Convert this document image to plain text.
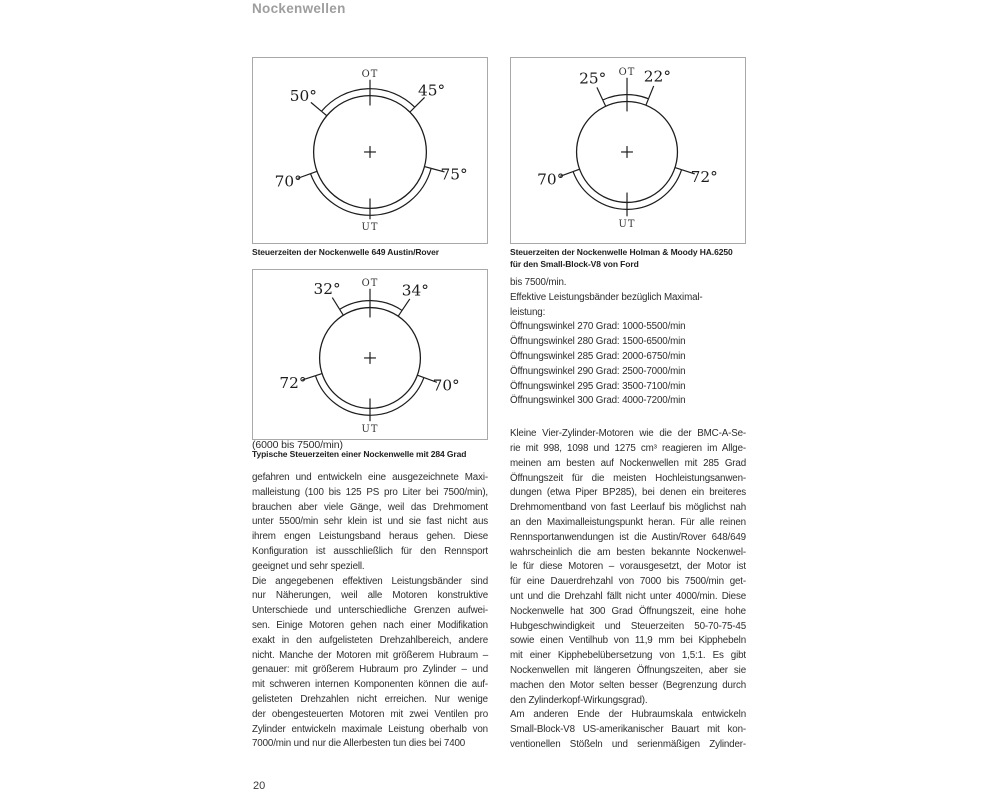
Nockenwellen
50°	45°
70°	75°
OT
UT
Steuerzeiten der Nockenwelle 649 Austin/Rover
25° 22°
70°	72°
OT
UT
Steuerzeiten der Nockenwelle Holman & Moody HA.6250
für den Small-Block-V8 von Ford
32°	34°
72°	70°
OT
UT
(6000 bis 7500/min)
Typische Steuerzeiten einer Nockenwelle mit 284 Grad
gefahren und entwickeln eine ausgezeichnete Maxi-
malleistung (100 bis 125 PS pro Liter bei 7500/min),
brauchen aber viele Gänge, weil das Drehmoment
unter 5500/min sehr klein ist und sie fast nicht aus
ihrem engen Leistungsband heraus gehen. Diese
Konfiguration ist ausschließlich für den Rennsport
geeignet und sehr speziell.
Die angegebenen effektiven Leistungsbänder sind
nur Näherungen, weil alle Motoren konstruktive
Unterschiede und unterschiedliche Grenzen aufwei-
sen. Einige Motoren gehen nach einer Modifikation
exakt in den aufgelisteten Drehzahlbereich, andere
nicht. Manche der Motoren mit größerem Hubraum –
genauer: mit größerem Hubraum pro Zylinder – und
mit schweren internen Komponenten können die auf-
gelisteten Drehzahlen nicht erreichen. Nur wenige
der obengesteuerten Motoren mit zwei Ventilen pro
Zylinder entwickeln maximale Leistung oberhalb von
7000/min und nur die Allerbesten tun dies bei 7400
bis 7500/min.
Effektive Leistungsbänder bezüglich Maximal-
leistung:
Öffnungswinkel 270 Grad: 1000-5500/min
Öffnungswinkel 280 Grad: 1500-6500/min
Öffnungswinkel 285 Grad: 2000-6750/min
Öffnungswinkel 290 Grad: 2500-7000/min
Öffnungswinkel 295 Grad: 3500-7100/min
Öffnungswinkel 300 Grad: 4000-7200/min
Kleine Vier-Zylinder-Motoren wie die der BMC-A-Se-
rie mit 998, 1098 und 1275 cm³ reagieren im Allge-
meinen am besten auf Nockenwellen mit 285 Grad
Öffnungszeit für die meisten Hochleistungsanwen-
dungen (etwa Piper BP285), bei denen ein breiteres
Drehmomentband von fast Leerlauf bis möglichst nah
an den Maximalleistungspunkt heran. Für alle reinen
Rennsportanwendungen ist die Austin/Rover 648/649
wahrscheinlich die am besten bekannte Nockenwel-
le für diese Motoren – vorausgesetzt, der Motor ist
für eine Dauerdrehzahl von 7000 bis 7500/min get-
unt und die Drehzahl fällt nicht unter 4000/min. Diese
Nockenwelle hat 300 Grad Öffnungszeit, eine hohe
Hubgeschwindigkeit und Steuerzeiten 50-70-75-45
sowie einen Ventilhub von 11,9 mm bei Kipphebeln
mit einer Kipphebelübersetzung von 1,5:1. Es gibt
Nockenwellen mit längeren Öffnungszeiten, aber sie
machen den Motor selten besser (Begrenzung durch
den Zylinderkopf-Wirkungsgrad).
Am anderen Ende der Hubraumskala entwickeln
Small-Block-V8 US-amerikanischer Bauart mit kon-
ventionellen Stößeln und serienmäßigen Zylinder-
20
